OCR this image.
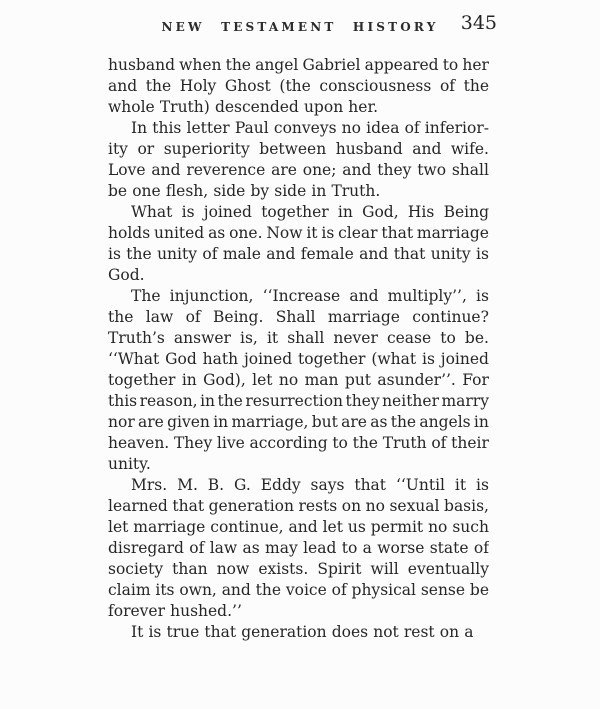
NEW TESTAMENT HISTORY	345

husband when the angel Gabriel appeared to her
and the Holy Ghost (the consciousness of the
whole Truth) descended upon her.

In this letter Paul conveys no idea of inferior-
ity or superiority between husband and wife.
Love and reverence are one; and they two shall
be one flesh, side by side in Truth.

What is joined together in God, His Being
holds united as one. Now it is clear that marriage
is the unity of male and female and that unity is
God.

The injunction, ‘‘Increase and multiply’’, is
the law of Being. Shall marriage continue?
Truth’s answer is, it shall never cease to be.
‘‘What God hath joined together (what is joined
together in God), let no man put asunder’’. For
this reason, in the resurrection they neither marry
nor are given in marriage, but are as the angels in
heaven. They live according to the Truth of their
unity.

Mrs. M. B. G. Eddy says that ‘‘Until it is
learned that generation rests on no sexual basis,
let marriage continue, and let us permit no such
disregard of law as may lead to a worse state of
society than now exists. Spirit will eventually
claim its own, and the voice of physical sense be
forever hushed.’’

It is true that generation does not rest on a
